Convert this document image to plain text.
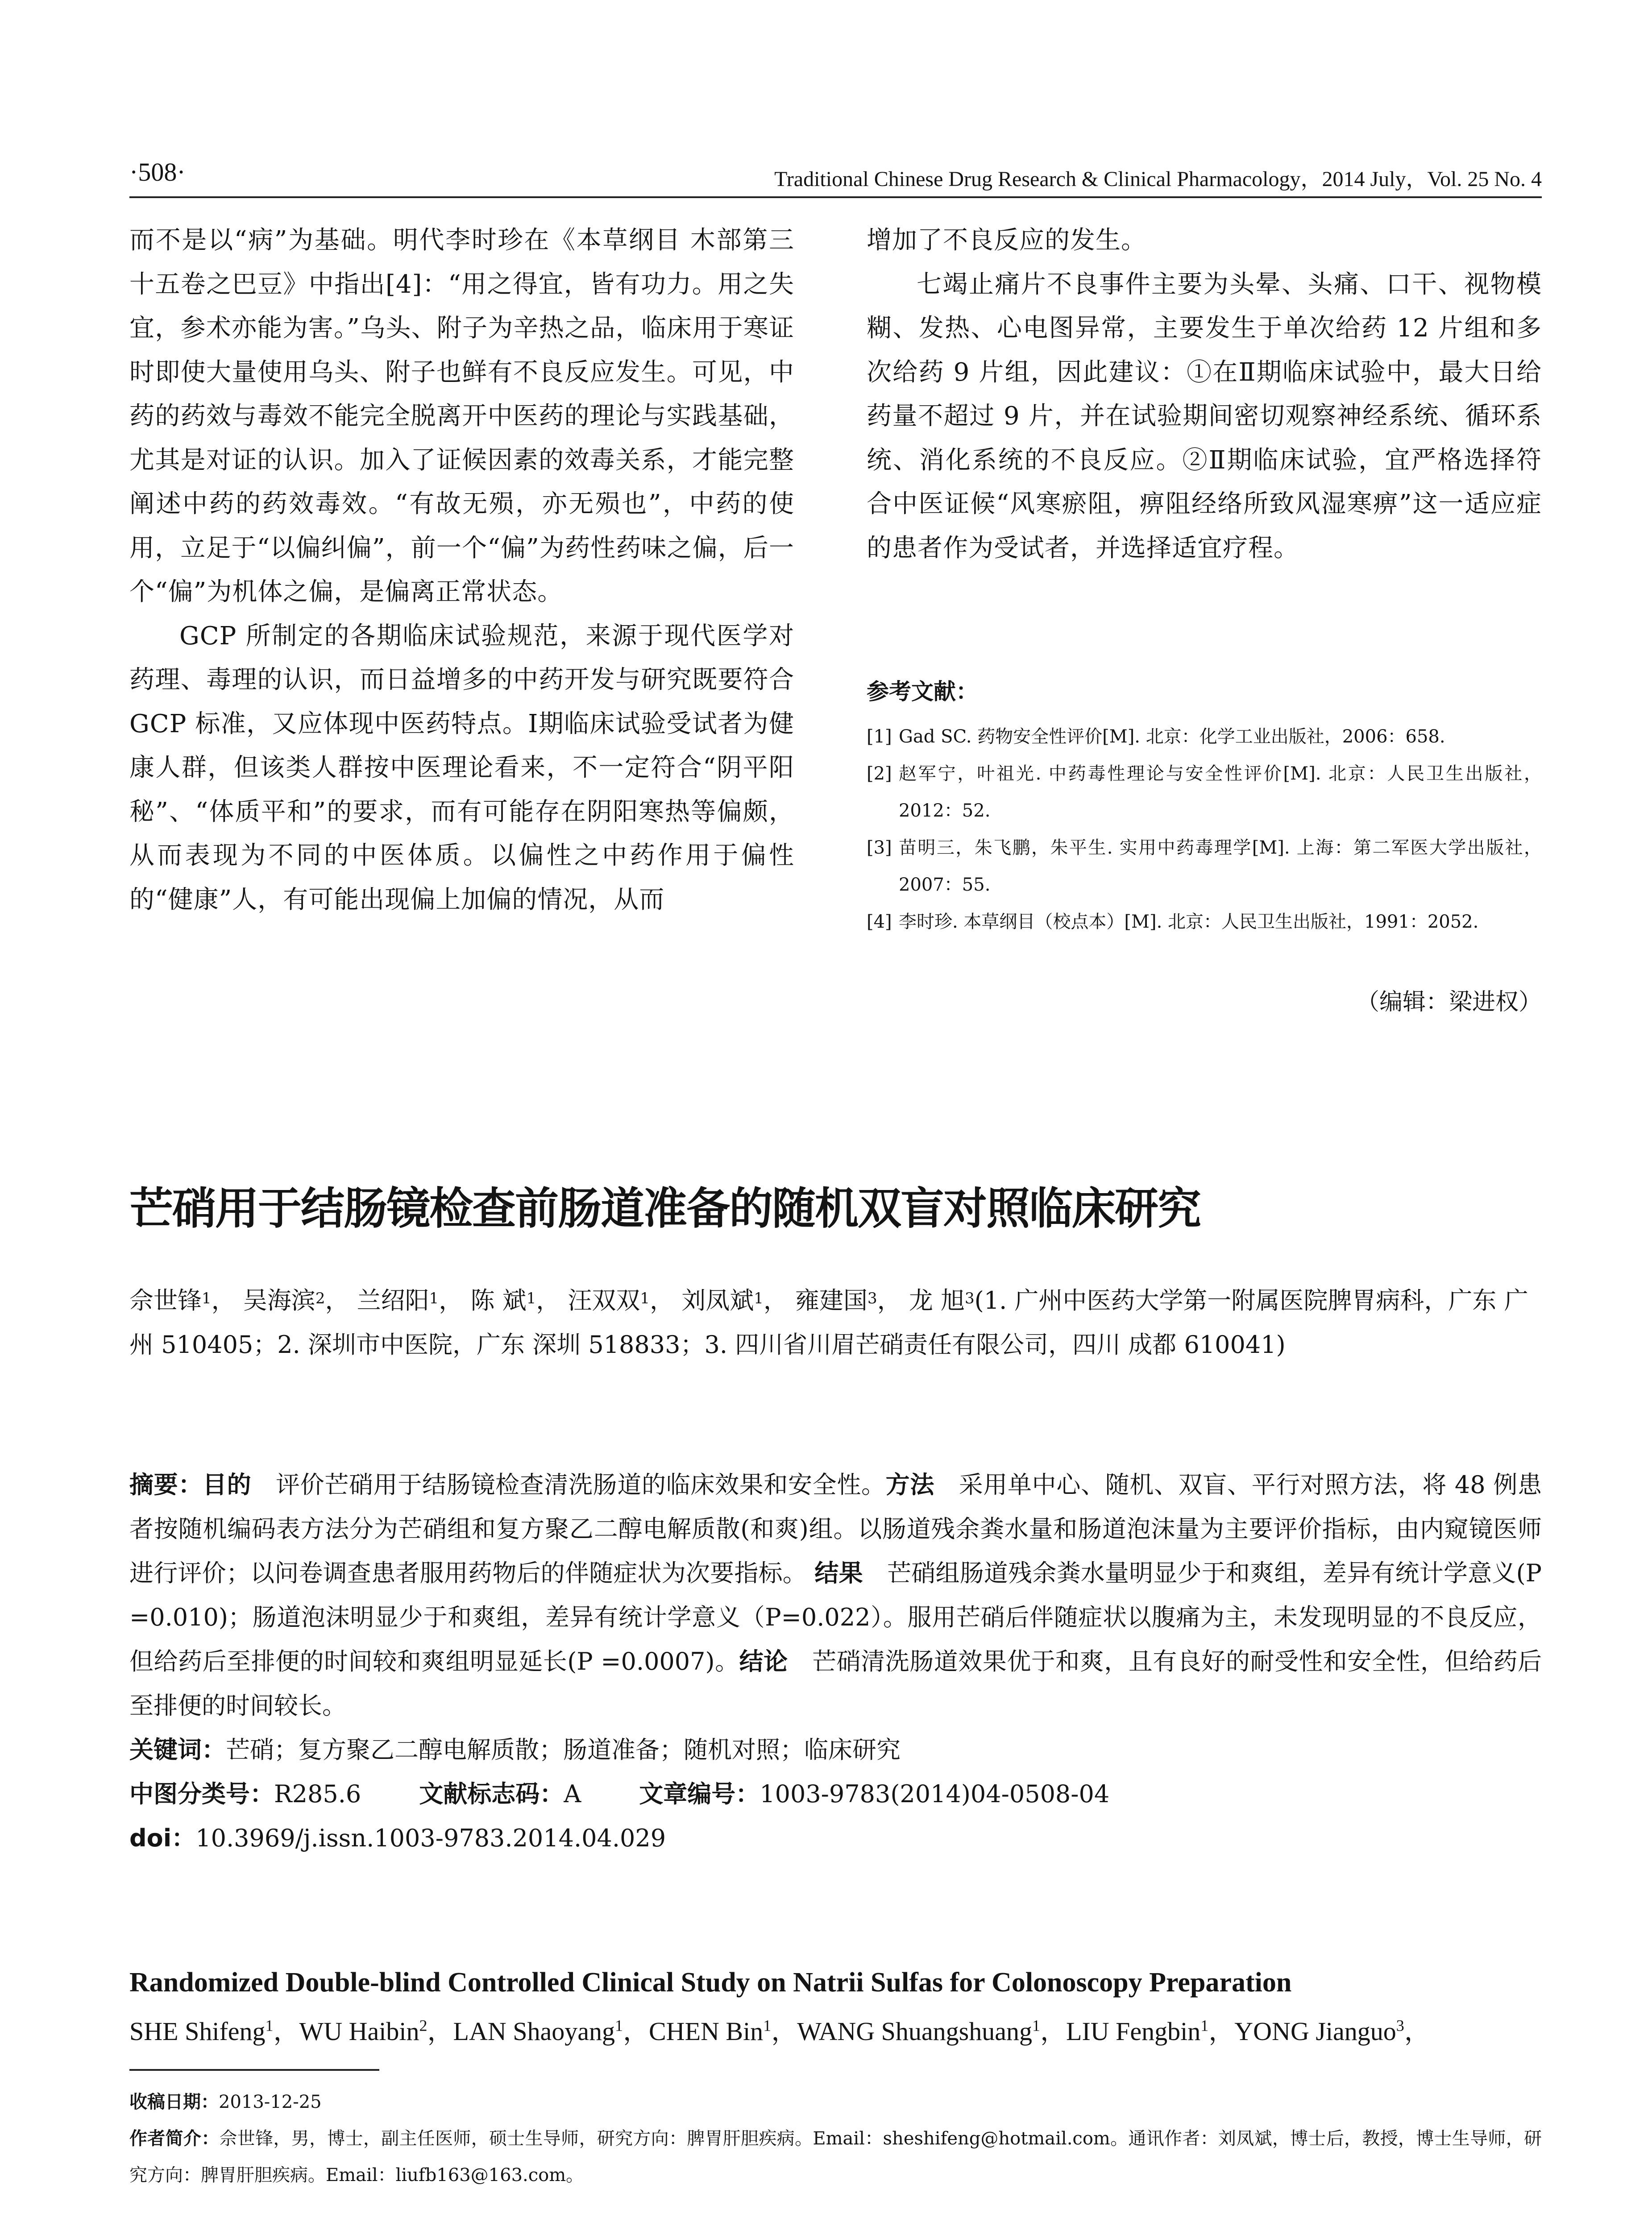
·508·	Traditional Chinese Drug Research & Clinical Pharmacology，2014 July，Vol. 25 No. 4

而不是以“病”为基础。明代李时珍在《本草纲目 木部第三十五卷之巴豆》中指出[4]：“用之得宜，皆有功力。用之失宜，参术亦能为害。”乌头、附子为辛热之品，临床用于寒证时即使大量使用乌头、附子也鲜有不良反应发生。可见，中药的药效与毒效不能完全脱离开中医药的理论与实践基础，尤其是对证的认识。加入了证候因素的效毒关系，才能完整阐述中药的药效毒效。“有故无殒，亦无殒也”，中药的使用，立足于“以偏纠偏”，前一个“偏”为药性药味之偏，后一个“偏”为机体之偏，是偏离正常状态。

GCP 所制定的各期临床试验规范，来源于现代医学对药理、毒理的认识，而日益增多的中药开发与研究既要符合 GCP 标准，又应体现中医药特点。Ⅰ期临床试验受试者为健康人群，但该类人群按中医理论看来，不一定符合“阴平阳秘”、“体质平和”的要求，而有可能存在阴阳寒热等偏颇，从而表现为不同的中医体质。以偏性之中药作用于偏性的“健康”人，有可能出现偏上加偏的情况，从而

增加了不良反应的发生。

七竭止痛片不良事件主要为头晕、头痛、口干、视物模糊、发热、心电图异常，主要发生于单次给药 12 片组和多次给药 9 片组，因此建议：①在Ⅱ期临床试验中，最大日给药量不超过 9 片，并在试验期间密切观察神经系统、循环系统、消化系统的不良反应。②Ⅱ期临床试验，宜严格选择符合中医证候“风寒瘀阻，痹阻经络所致风湿寒痹”这一适应症的患者作为受试者，并选择适宜疗程。

参考文献：
[1] Gad SC. 药物安全性评价[M]. 北京：化学工业出版社，2006：658.
[2] 赵军宁，叶祖光. 中药毒性理论与安全性评价[M]. 北京：人民卫生出版社，2012：52.
[3] 苗明三，朱飞鹏，朱平生. 实用中药毒理学[M]. 上海：第二军医大学出版社，2007：55.
[4] 李时珍. 本草纲目（校点本）[M]. 北京：人民卫生出版社，1991：2052.
（编辑：梁进权）
芒硝用于结肠镜检查前肠道准备的随机双盲对照临床研究
佘世锋$^1$， 吴海滨$^2$， 兰绍阳$^1$， 陈 斌$^1$， 汪双双$^1$， 刘凤斌$^1$， 雍建国$^3$， 龙 旭$^3$(1. 广州中医药大学第一附属医院脾胃病科，广东 广州 510405；2. 深圳市中医院，广东 深圳 518833；3. 四川省川眉芒硝责任有限公司，四川 成都 610041)

摘要：目的　 评价芒硝用于结肠镜检查清洗肠道的临床效果和安全性。方法　 采用单中心、随机、双盲、平行对照方法，将 48 例患者按随机编码表方法分为芒硝组和复方聚乙二醇电解质散(和爽)组。以肠道残余粪水量和肠道泡沫量为主要评价指标，由内窥镜医师进行评价；以问卷调查患者服用药物后的伴随症状为次要指标。 结果　 芒硝组肠道残余粪水量明显少于和爽组，差异有统计学意义(P =0.010)；肠道泡沫明显少于和爽组，差异有统计学意义（P=0.022）。服用芒硝后伴随症状以腹痛为主，未发现明显的不良反应，但给药后至排便的时间较和爽组明显延长(P =0.0007)。结论　 芒硝清洗肠道效果优于和爽，且有良好的耐受性和安全性，但给药后至排便的时间较长。

关键词：芒硝；复方聚乙二醇电解质散；肠道准备；随机对照；临床研究

中图分类号：R285.6 文献标志码：A 文章编号：1003-9783(2014)04-0508-04

doi：10.3969/j.issn.1003-9783.2014.04.029

Randomized Double-blind Controlled Clinical Study on Natrii Sulfas for Colonoscopy Preparation
SHE Shifeng$^1$，WU Haibin$^2$，LAN Shaoyang$^1$，CHEN Bin$^1$，WANG Shuangshuang$^1$，LIU Fengbin$^1$，YONG Jianguo$^3$，

收稿日期：2013-12-25

作者简介：佘世锋，男，博士，副主任医师，硕士生导师，研究方向：脾胃肝胆疾病。Email：sheshifeng@hotmail.com。通讯作者：刘凤斌，博士后，教授，博士生导师，研究方向：脾胃肝胆疾病。Email：liufb163@163.com。
